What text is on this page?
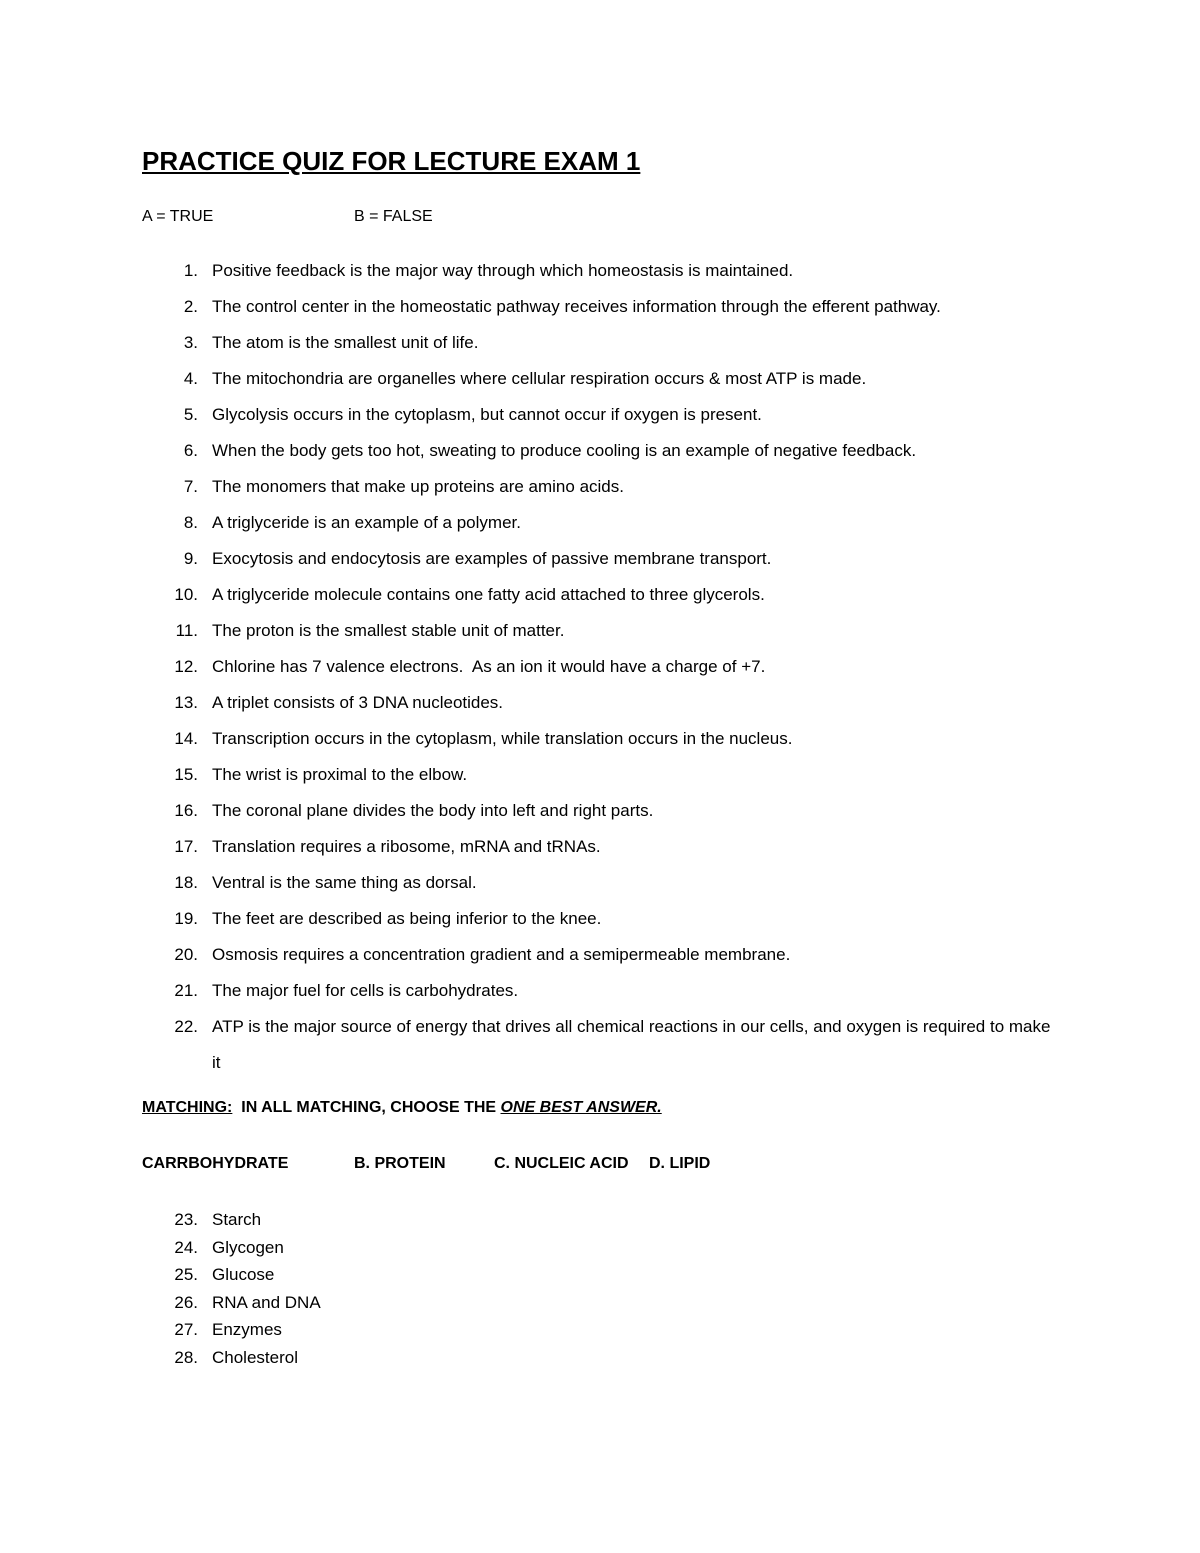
PRACTICE QUIZ FOR LECTURE EXAM 1
A = TRUE	B = FALSE
1. Positive feedback is the major way through which homeostasis is maintained.
2. The control center in the homeostatic pathway receives information through the efferent pathway.
3. The atom is the smallest unit of life.
4. The mitochondria are organelles where cellular respiration occurs & most ATP is made.
5. Glycolysis occurs in the cytoplasm, but cannot occur if oxygen is present.
6. When the body gets too hot, sweating to produce cooling is an example of negative feedback.
7. The monomers that make up proteins are amino acids.
8. A triglyceride is an example of a polymer.
9. Exocytosis and endocytosis are examples of passive membrane transport.
10. A triglyceride molecule contains one fatty acid attached to three glycerols.
11. The proton is the smallest stable unit of matter.
12. Chlorine has 7 valence electrons.  As an ion it would have a charge of +7.
13. A triplet consists of 3 DNA nucleotides.
14. Transcription occurs in the cytoplasm, while translation occurs in the nucleus.
15. The wrist is proximal to the elbow.
16. The coronal plane divides the body into left and right parts.
17. Translation requires a ribosome, mRNA and tRNAs.
18. Ventral is the same thing as dorsal.
19. The feet are described as being inferior to the knee.
20. Osmosis requires a concentration gradient and a semipermeable membrane.
21. The major fuel for cells is carbohydrates.
22. ATP is the major source of energy that drives all chemical reactions in our cells, and oxygen is required to make it
MATCHING:  IN ALL MATCHING, CHOOSE THE ONE BEST ANSWER.
CARRBOHYDRATE	B. PROTEIN	C. NUCLEIC ACID D. LIPID
23. Starch
24. Glycogen
25. Glucose
26. RNA and DNA
27. Enzymes
28. Cholesterol
